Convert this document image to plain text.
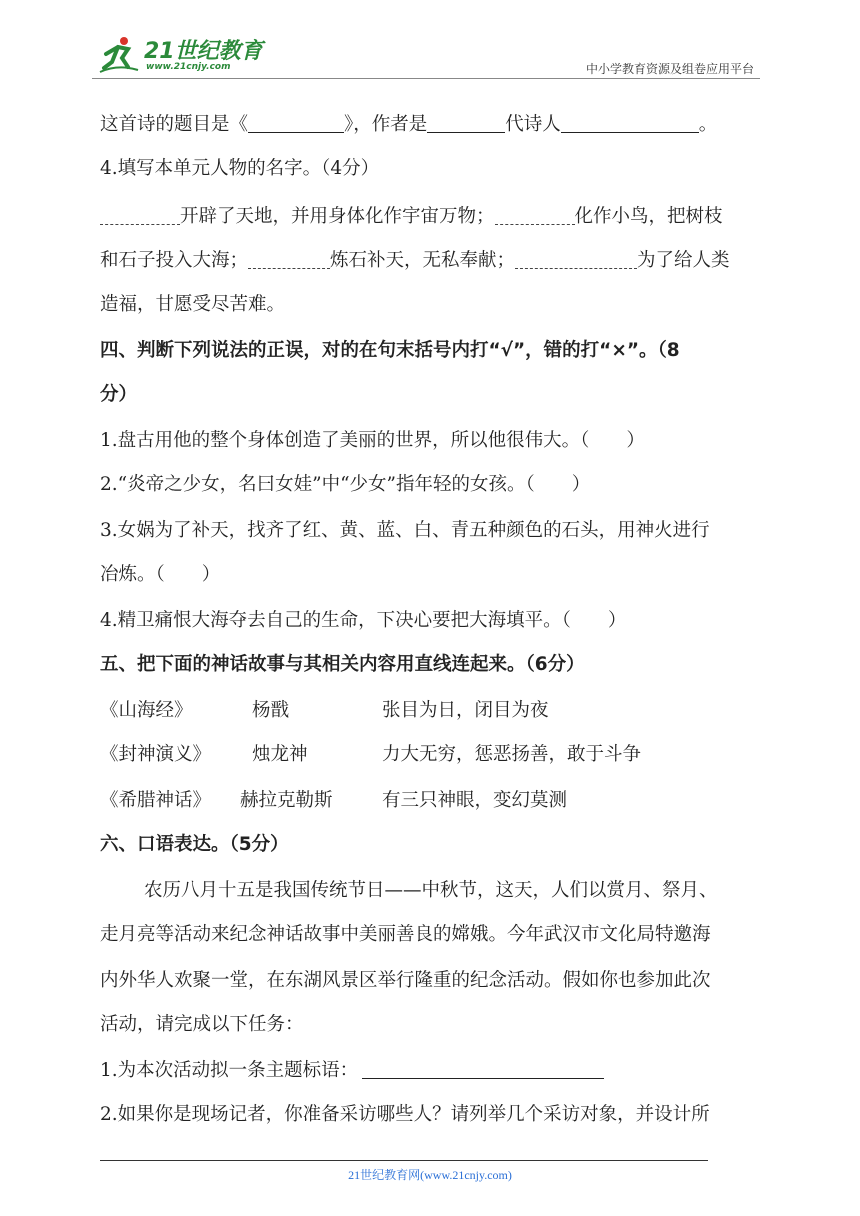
21世纪教育
www.21cnjy.com	中小学教育资源及组卷应用平台
这首诗的题目是《	》，作者是	代诗人	。
4.填写本单元人物的名字。（4分）
开辟了天地，并用身体化作宇宙万物；	化作小鸟，把树枝
和石子投入大海；	炼石补天，无私奉献；	为了给人类
造福，甘愿受尽苦难。
四、判断下列说法的正误，对的在句末括号内打“√”，错的打“×”。（8
分）
1.盘古用他的整个身体创造了美丽的世界，所以他很伟大。（　　）
2.“炎帝之少女，名曰女娃”中“少女”指年轻的女孩。（　　）
3.女娲为了补天，找齐了红、黄、蓝、白、青五种颜色的石头，用神火进行
冶炼。（　　）
4.精卫痛恨大海夺去自己的生命，下决心要把大海填平。（　　）
五、把下面的神话故事与其相关内容用直线连起来。（6分）
《山海经》	杨戬	张目为日，闭目为夜
《封神演义》 烛龙神	力大无穷，惩恶扬善，敢于斗争
《希腊神话》 赫拉克勒斯	有三只神眼，变幻莫测
六、口语表达。（5分）
农历八月十五是我国传统节日——中秋节，这天，人们以赏月、祭月、
走月亮等活动来纪念神话故事中美丽善良的嫦娥。今年武汉市文化局特邀海
内外华人欢聚一堂，在东湖风景区举行隆重的纪念活动。假如你也参加此次
活动，请完成以下任务：
1.为本次活动拟一条主题标语：
2.如果你是现场记者，你准备采访哪些人？请列举几个采访对象，并设计所
21世纪教育网(www.21cnjy.com)
